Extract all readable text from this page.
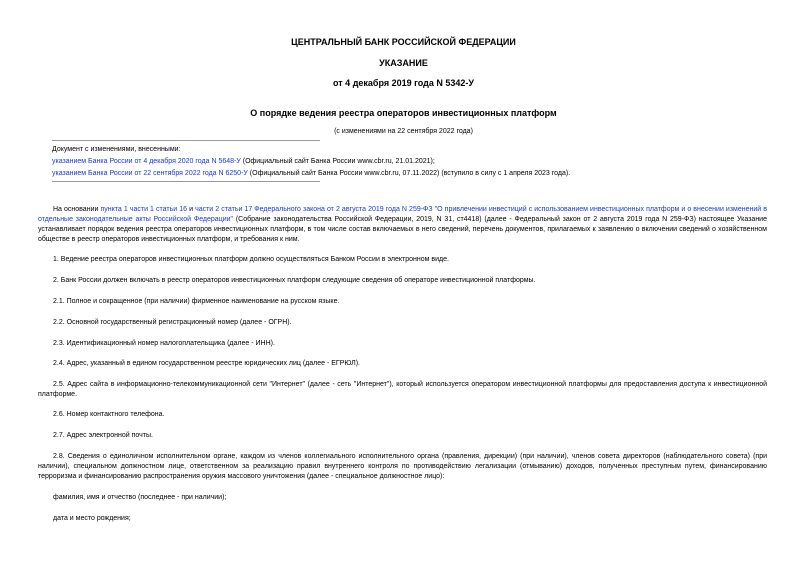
ЦЕНТРАЛЬНЫЙ БАНК РОССИЙСКОЙ ФЕДЕРАЦИИ
УКАЗАНИЕ
от 4 декабря 2019 года N 5342-У
О порядке ведения реестра операторов инвестиционных платформ
(с изменениями на 22 сентября 2022 года)
Документ с изменениями, внесенными:
указанием Банка России от 4 декабря 2020 года N 5648-У (Официальный сайт Банка России www.cbr.ru, 21.01.2021);
указанием Банка России от 22 сентября 2022 года N 6250-У (Официальный сайт Банка России www.cbr.ru, 07.11.2022) (вступило в силу с 1 апреля 2023 года).
На основании пункта 1 части 1 статьи 16 и части 2 статьи 17 Федерального закона от 2 августа 2019 года N 259-ФЗ "О привлечении инвестиций с использованием инвестиционных платформ и о внесении изменений в отдельные законодательные акты Российской Федерации" (Собрание законодательства Российской Федерации, 2019, N 31, ст4418) (далее - Федеральный закон от 2 августа 2019 года N 259-ФЗ) настоящее Указание устанавливает порядок ведения реестра операторов инвестиционных платформ, в том числе состав включаемых в него сведений, перечень документов, прилагаемых к заявлению о включении сведений о хозяйственном обществе в реестр операторов инвестиционных платформ, и требования к ним.
1. Ведение реестра операторов инвестиционных платформ должно осуществляться Банком России в электронном виде.
2. Банк России должен включать в реестр операторов инвестиционных платформ следующие сведения об операторе инвестиционной платформы.
2.1. Полное и сокращенное (при наличии) фирменное наименование на русском языке.
2.2. Основной государственный регистрационный номер (далее - ОГРН).
2.3. Идентификационный номер налогоплательщика (далее - ИНН).
2.4. Адрес, указанный в едином государственном реестре юридических лиц (далее - ЕГРЮЛ).
2.5. Адрес сайта в информационно-телекоммуникационной сети "Интернет" (далее - сеть "Интернет"), который используется оператором инвестиционной платформы для предоставления доступа к инвестиционной платформе.
2.6. Номер контактного телефона.
2.7. Адрес электронной почты.
2.8. Сведения о единоличном исполнительном органе, каждом из членов коллегиального исполнительного органа (правления, дирекции) (при наличии), членов совета директоров (наблюдательного совета) (при наличии), специальном должностном лице, ответственном за реализацию правил внутреннего контроля по противодействию легализации (отмыванию) доходов, полученных преступным путем, финансированию терроризма и финансированию распространения оружия массового уничтожения (далее - специальное должностное лицо):
фамилия, имя и отчество (последнее - при наличии);
дата и место рождения;
